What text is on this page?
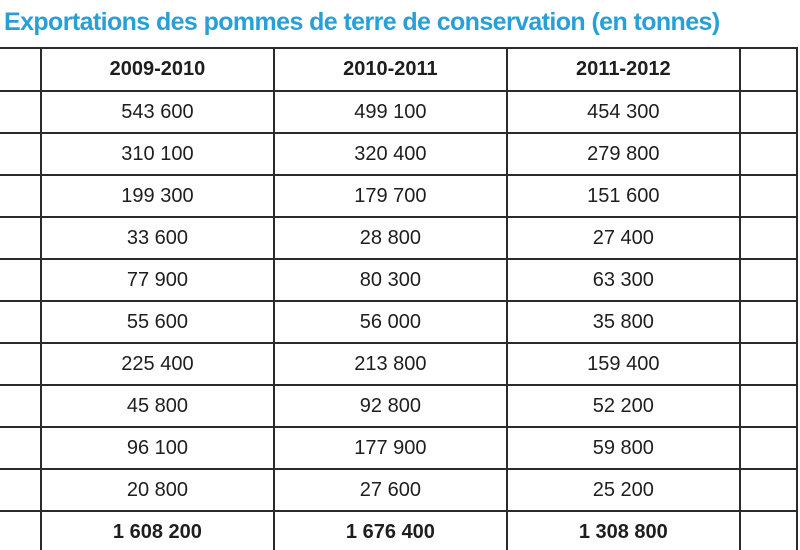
Exportations des pommes de terre de conservation (en tonnes)
	2009-2010	2010-2011	2011-2012	
	543 600	499 100	454 300	
	310 100	320 400	279 800	
	199 300	179 700	151 600	
	33 600	28 800	27 400	
	77 900	80 300	63 300	
	55 600	56 000	35 800	
	225 400	213 800	159 400	
	45 800	92 800	52 200	
	96 100	177 900	59 800	
	20 800	27 600	25 200	
	1 608 200	1 676 400	1 308 800	
